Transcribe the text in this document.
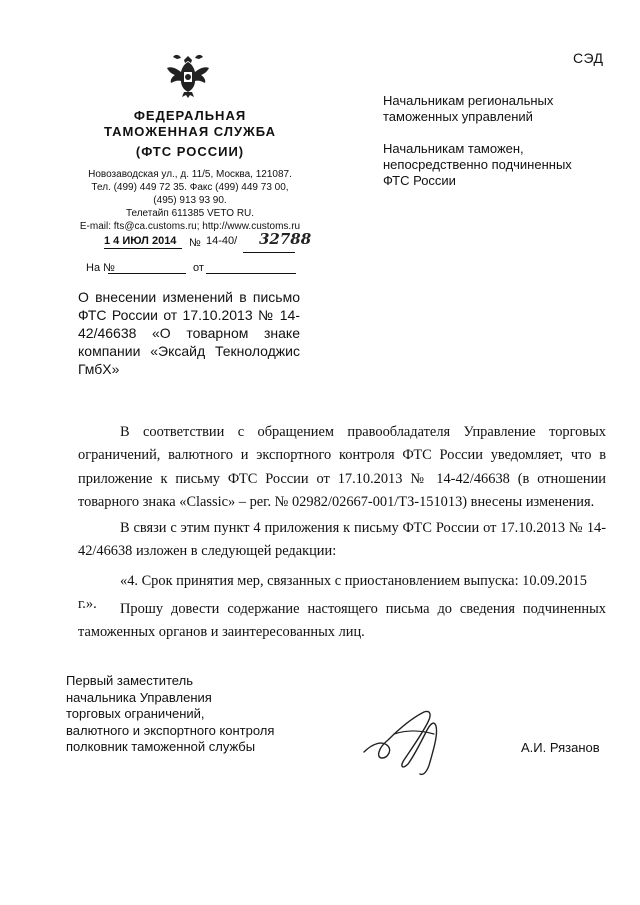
СЭД
ФЕДЕРАЛЬНАЯ
ТАМОЖЕННАЯ СЛУЖБА
(ФТС РОССИИ)
Новозаводская ул., д. 11/5, Москва, 121087.
Тел. (499) 449 72 35. Факс (499) 449 73 00,
(495) 913 93 90.
Телетайп 611385 VETO RU.
E-mail: fts@ca.customs.ru; http://www.customs.ru
1 4 ИЮЛ 2014	№ 14-40/ 32788
На №	от
О внесении изменений в письмо ФТС России от 17.10.2013 № 14-42/46638 «О товарном знаке компании «Эксайд Текнолоджис ГмбХ»
Начальникам региональных
таможенных управлений
Начальникам таможен,
непосредственно подчиненных
ФТС России
В соответствии с обращением правообладателя Управление торговых ограничений, валютного и экспортного контроля ФТС России уведомляет, что в приложение к письму ФТС России от 17.10.2013 № 14-42/46638 (в отношении товарного знака «Classic» – рег. № 02982/02667-001/ТЗ-151013) внесены изменения.
В связи с этим пункт 4 приложения к письму ФТС России от 17.10.2013 № 14-42/46638 изложен в следующей редакции:
«4. Срок принятия мер, связанных с приостановлением выпуска: 10.09.2015 г.».	Прошу довести содержание настоящего письма до сведения подчиненных таможенных органов и заинтересованных лиц.
Первый заместитель
начальника Управления
торговых ограничений,
валютного и экспортного контроля
полковник таможенной службы	А.И. Рязанов
